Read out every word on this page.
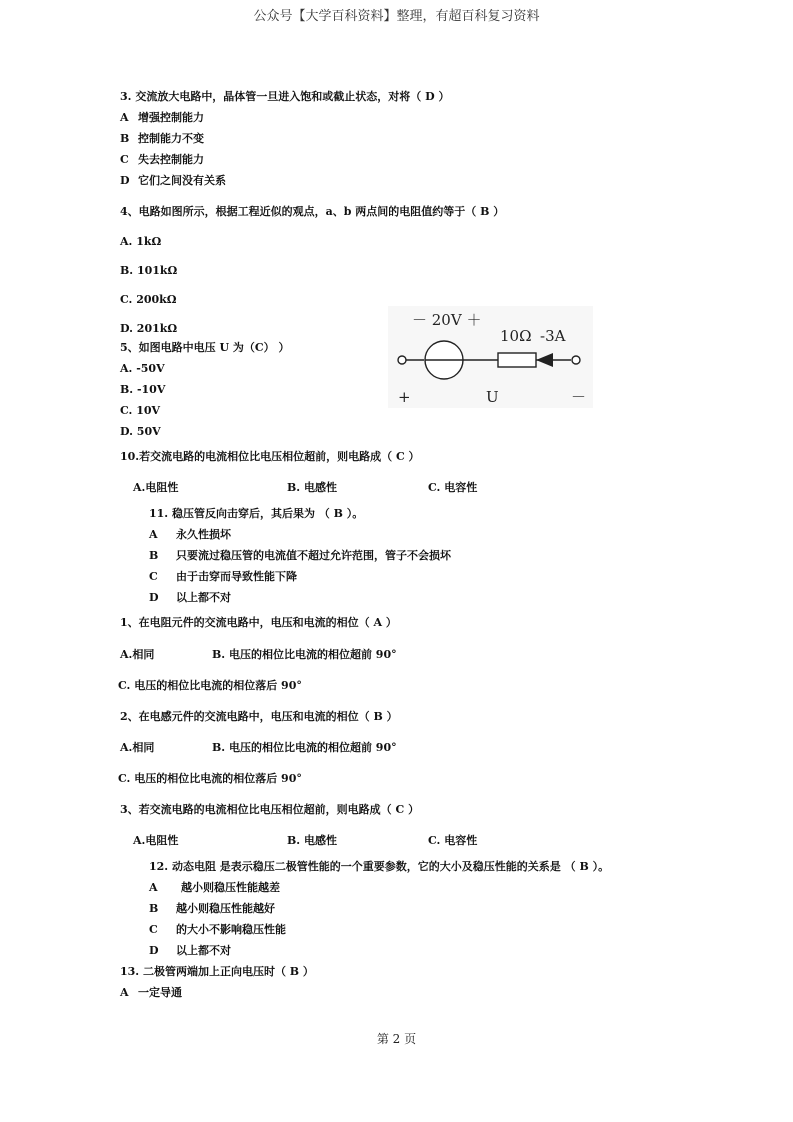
公众号【大学百科资料】整理，有超百科复习资料
3. 交流放大电路中，晶体管一旦进入饱和或截止状态，对将（ D ）
A 增强控制能力
B 控制能力不变
C 失去控制能力
D 它们之间没有关系
4、电路如图所示，根据工程近似的观点，a、b 两点间的电阻值约等于（ B ）
A. 1kΩ
B. 101kΩ
C. 200kΩ
D. 201kΩ
5、如图电路中电压 U 为（C） ）
A. -50V
B. -10V
C. 10V
D. 50V
－ 20V ＋
10Ω -3A
+	U	－
10.若交流电路的电流相位比电压相位超前，则电路成（ C ）
A.电阻性	B. 电感性	C. 电容性
11. 稳压管反向击穿后，其后果为 （ B ）。
A 永久性损坏
B 只要流过稳压管的电流值不超过允许范围，管子不会损坏
C 由于击穿而导致性能下降
D 以上都不对
1、在电阻元件的交流电路中，电压和电流的相位（ A ）
A.相同	B. 电压的相位比电流的相位超前 90°
C. 电压的相位比电流的相位落后 90°
2、在电感元件的交流电路中，电压和电流的相位（ B ）
A.相同	B. 电压的相位比电流的相位超前 90°
C. 电压的相位比电流的相位落后 90°
3、若交流电路的电流相位比电压相位超前，则电路成（ C ）
A.电阻性	B. 电感性	C. 电容性
12. 动态电阻 是表示稳压二极管性能的一个重要参数，它的大小及稳压性能的关系是 （ B ）。
A 越小则稳压性能越差
B 越小则稳压性能越好
C 的大小不影响稳压性能
D 以上都不对
13. 二极管两端加上正向电压时（ B ）
A 一定导通
第 2 页
